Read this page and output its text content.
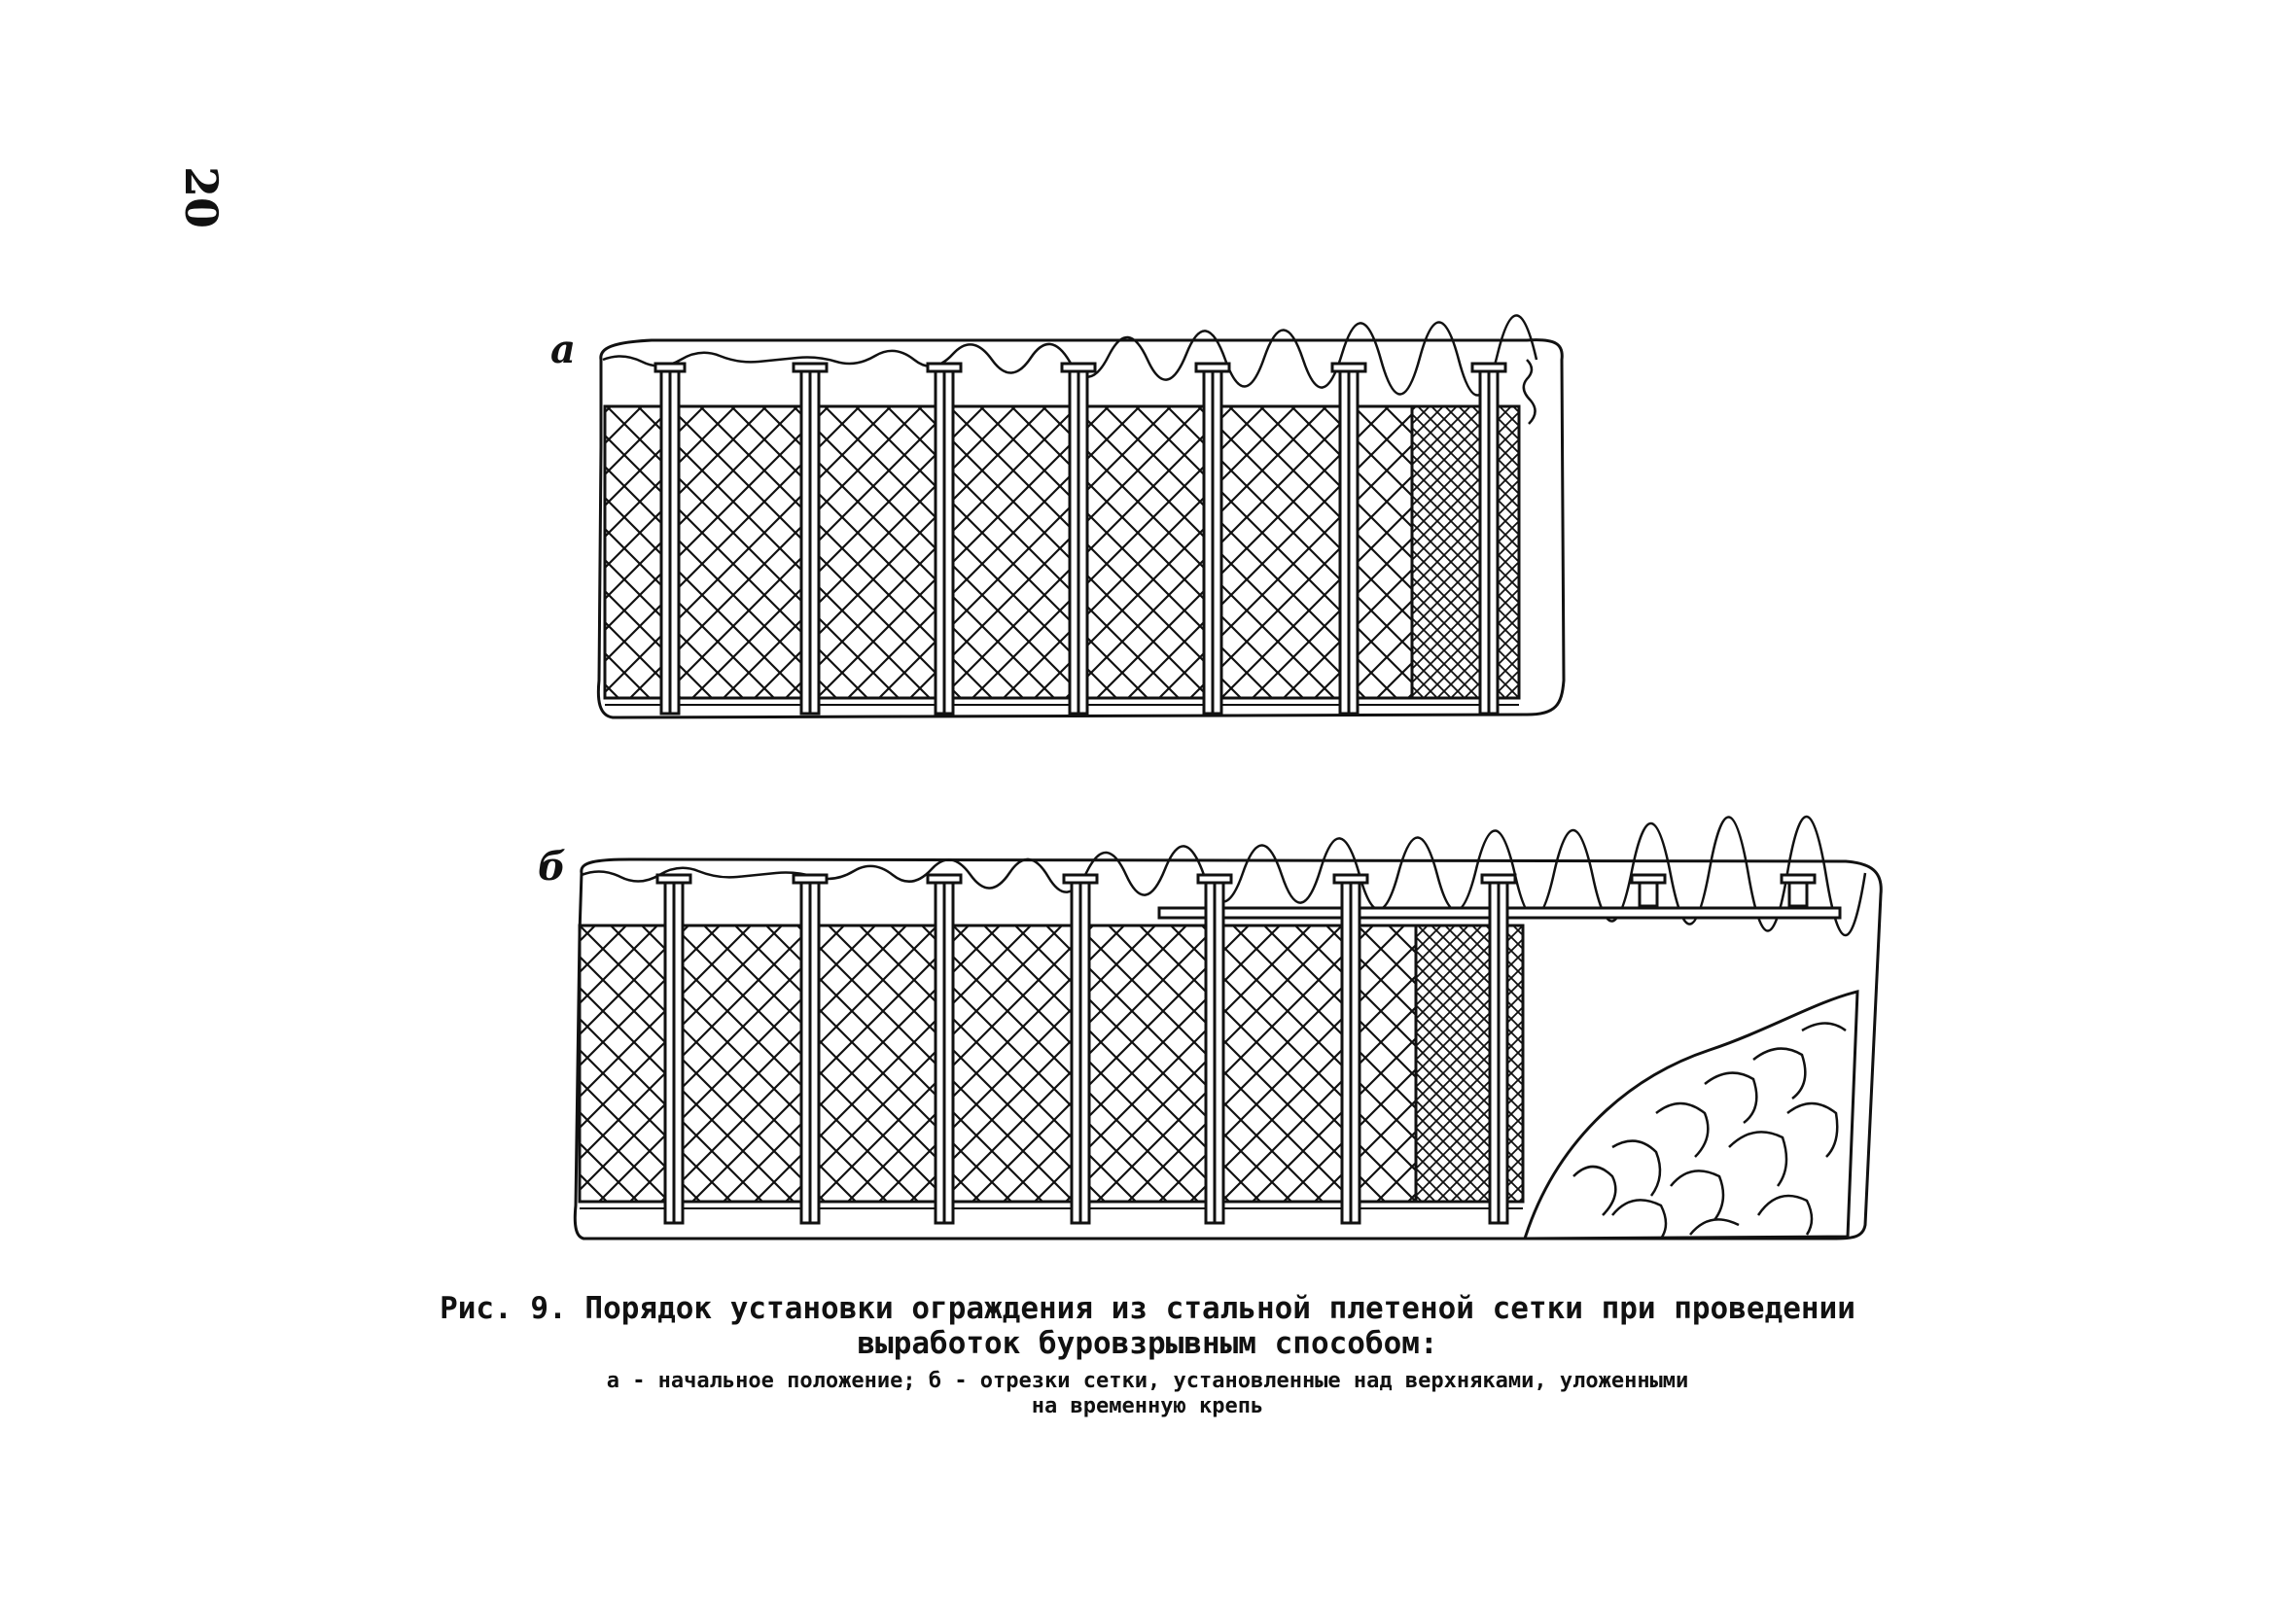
20
а
б
Рис. 9. Порядок установки ограждения из стальной плетеной сетки при проведении
выработок буровзрывным способом:
а - начальное положение; б - отрезки сетки, установленные над верхняками, уложенными
на временную крепь
